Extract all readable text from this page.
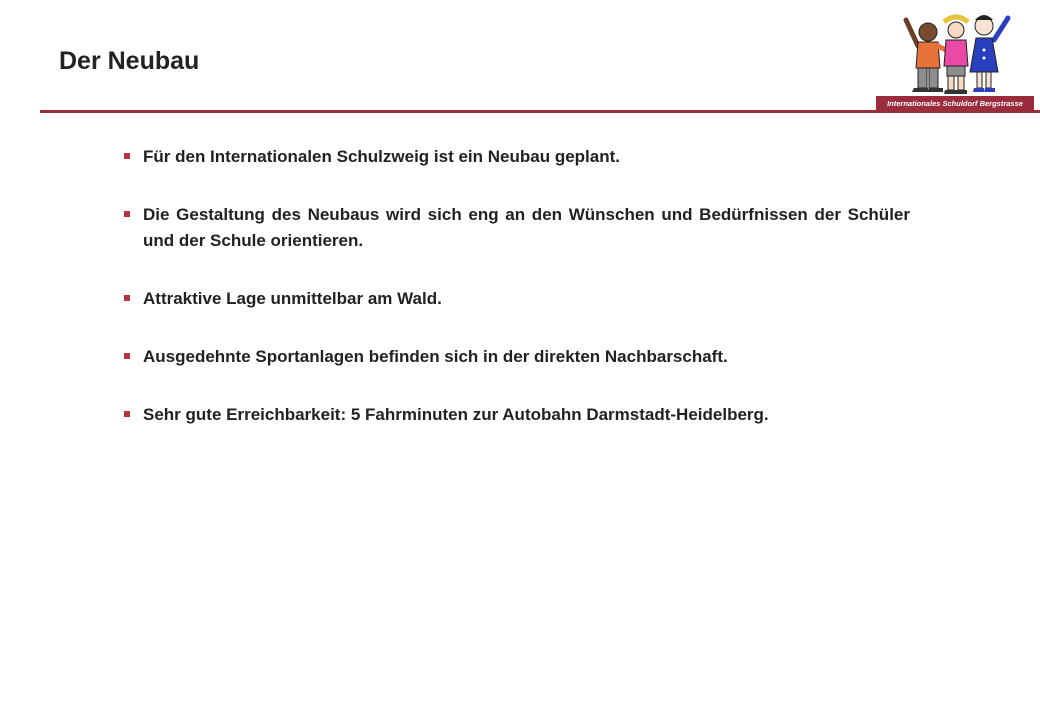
Der Neubau
Internationales Schuldorf Bergstrasse
Für den Internationalen Schulzweig ist ein Neubau geplant.
Die Gestaltung des Neubaus wird sich eng an den Wünschen und Bedürfnissen der Schüler und der Schule orientieren.
Attraktive Lage unmittelbar am Wald.
Ausgedehnte Sportanlagen befinden sich in der direkten Nachbarschaft.
Sehr gute Erreichbarkeit: 5 Fahrminuten zur Autobahn Darmstadt-Heidelberg.
